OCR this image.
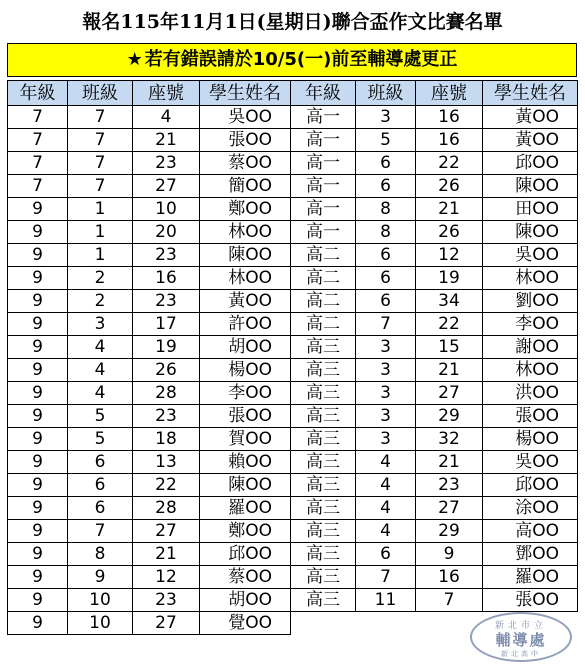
報名115年11月1日(星期日)聯合盃作文比賽名單
★ 若有錯誤請於10/5(一)前至輔導處更正
年級	班級	座號	學生姓名
7	7	4	吳OO
7	7	21	張OO
7	7	23	蔡OO
7	7	27	簡OO
9	1	10	鄭OO
9	1	20	林OO
9	1	23	陳OO
9	2	16	林OO
9	2	23	黃OO
9	3	17	許OO
9	4	19	胡OO
9	4	26	楊OO
9	4	28	李OO
9	5	23	張OO
9	5	18	賀OO
9	6	13	賴OO
9	6	22	陳OO
9	6	28	羅OO
9	7	27	鄭OO
9	8	21	邱OO
9	9	12	蔡OO
9	10	23	胡OO
9	10	27	覺OO
年級	班級	座號	學生姓名
高一	3	16	黃OO
高一	5	16	黃OO
高一	6	22	邱OO
高一	6	26	陳OO
高一	8	21	田OO
高一	8	26	陳OO
高二	6	12	吳OO
高二	6	19	林OO
高二	6	34	劉OO
高二	7	22	李OO
高三	3	15	謝OO
高三	3	21	林OO
高三	3	27	洪OO
高三	3	29	張OO
高三	3	32	楊OO
高三	4	21	吳OO
高三	4	23	邱OO
高三	4	27	涂OO
高三	4	29	高OO
高三	6	9	鄧OO
高三	7	16	羅OO
高三	11	7	張OO
新北市立
輔導處
新北高中
